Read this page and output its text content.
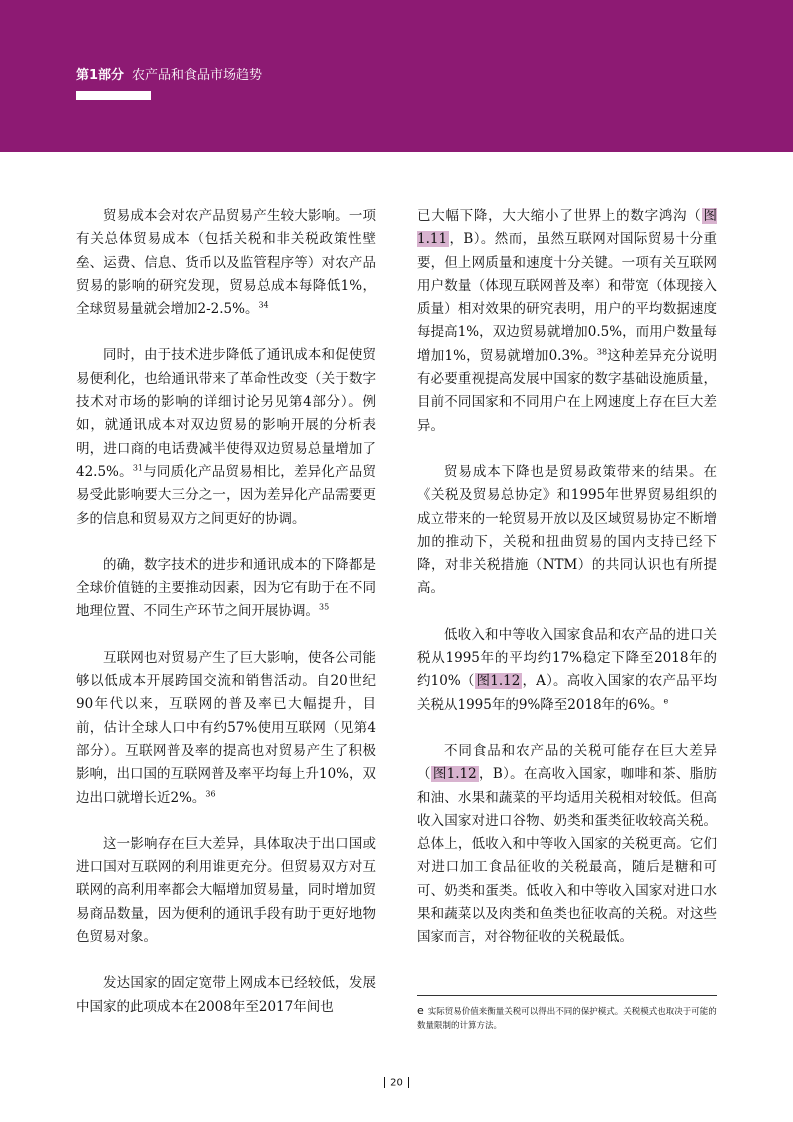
第1部分 农产品和食品市场趋势

贸易成本会对农产品贸易产生较大影响。一项有关总体贸易成本（包括关税和非关税政策性壁垒、运费、信息、货币以及监管程序等）对农产品贸易的影响的研究发现，贸易总成本每降低1%，全球贸易量就会增加2-2.5%。$^{34}$

同时，由于技术进步降低了通讯成本和促使贸易便利化，也给通讯带来了革命性改变（关于数字技术对市场的影响的详细讨论另见第4部分）。例如，就通讯成本对双边贸易的影响开展的分析表明，进口商的电话费减半使得双边贸易总量增加了42.5%。$^{31}$与同质化产品贸易相比，差异化产品贸易受此影响要大三分之一，因为差异化产品需要更多的信息和贸易双方之间更好的协调。

的确，数字技术的进步和通讯成本的下降都是全球价值链的主要推动因素，因为它有助于在不同地理位置、不同生产环节之间开展协调。$^{35}$

互联网也对贸易产生了巨大影响，使各公司能够以低成本开展跨国交流和销售活动。自20世纪90年代以来，互联网的普及率已大幅提升，目前，估计全球人口中有约57%使用互联网（见第4部分）。互联网普及率的提高也对贸易产生了积极影响，出口国的互联网普及率平均每上升10%，双边出口就增长近2%。$^{36}$

这一影响存在巨大差异，具体取决于出口国或进口国对互联网的利用谁更充分。但贸易双方对互联网的高利用率都会大幅增加贸易量，同时增加贸易商品数量，因为便利的通讯手段有助于更好地物色贸易对象。

发达国家的固定宽带上网成本已经较低，发展中国家的此项成本在2008年至2017年间也

已大幅下降，大大缩小了世界上的数字鸿沟（ 图1.11 ，B）。然而，虽然互联网对国际贸易十分重要，但上网质量和速度十分关键。一项有关互联网用户数量（体现互联网普及率）和带宽（体现接入质量）相对效果的研究表明，用户的平均数据速度每提高1%，双边贸易就增加0.5%，而用户数量每增加1%，贸易就增加0.3%。$^{38}$这种差异充分说明有必要重视提高发展中国家的数字基础设施质量，目前不同国家和不同用户在上网速度上存在巨大差异。

贸易成本下降也是贸易政策带来的结果。在《关税及贸易总协定》和1995年世界贸易组织的成立带来的一轮贸易开放以及区域贸易协定不断增加的推动下，关税和扭曲贸易的国内支持已经下降，对非关税措施（NTM）的共同认识也有所提高。

低收入和中等收入国家食品和农产品的进口关税从1995年的平均约17%稳定下降至2018年的约10%（ 图1.12 ，A）。高收入国家的农产品平均关税从1995年的9%降至2018年的6%。$^e$

不同食品和农产品的关税可能存在巨大差异（ 图1.12 ，B）。在高收入国家，咖啡和茶、脂肪和油、水果和蔬菜的平均适用关税相对较低。但高收入国家对进口谷物、奶类和蛋类征收较高关税。总体上，低收入和中等收入国家的关税更高。它们对进口加工食品征收的关税最高，随后是糖和可可、奶类和蛋类。低收入和中等收入国家对进口水果和蔬菜以及肉类和鱼类也征收高的关税。对这些国家而言，对谷物征收的关税最低。

e 实际贸易价值来衡量关税可以得出不同的保护模式。关税模式也取决于可能的数量限制的计算方法。
20
